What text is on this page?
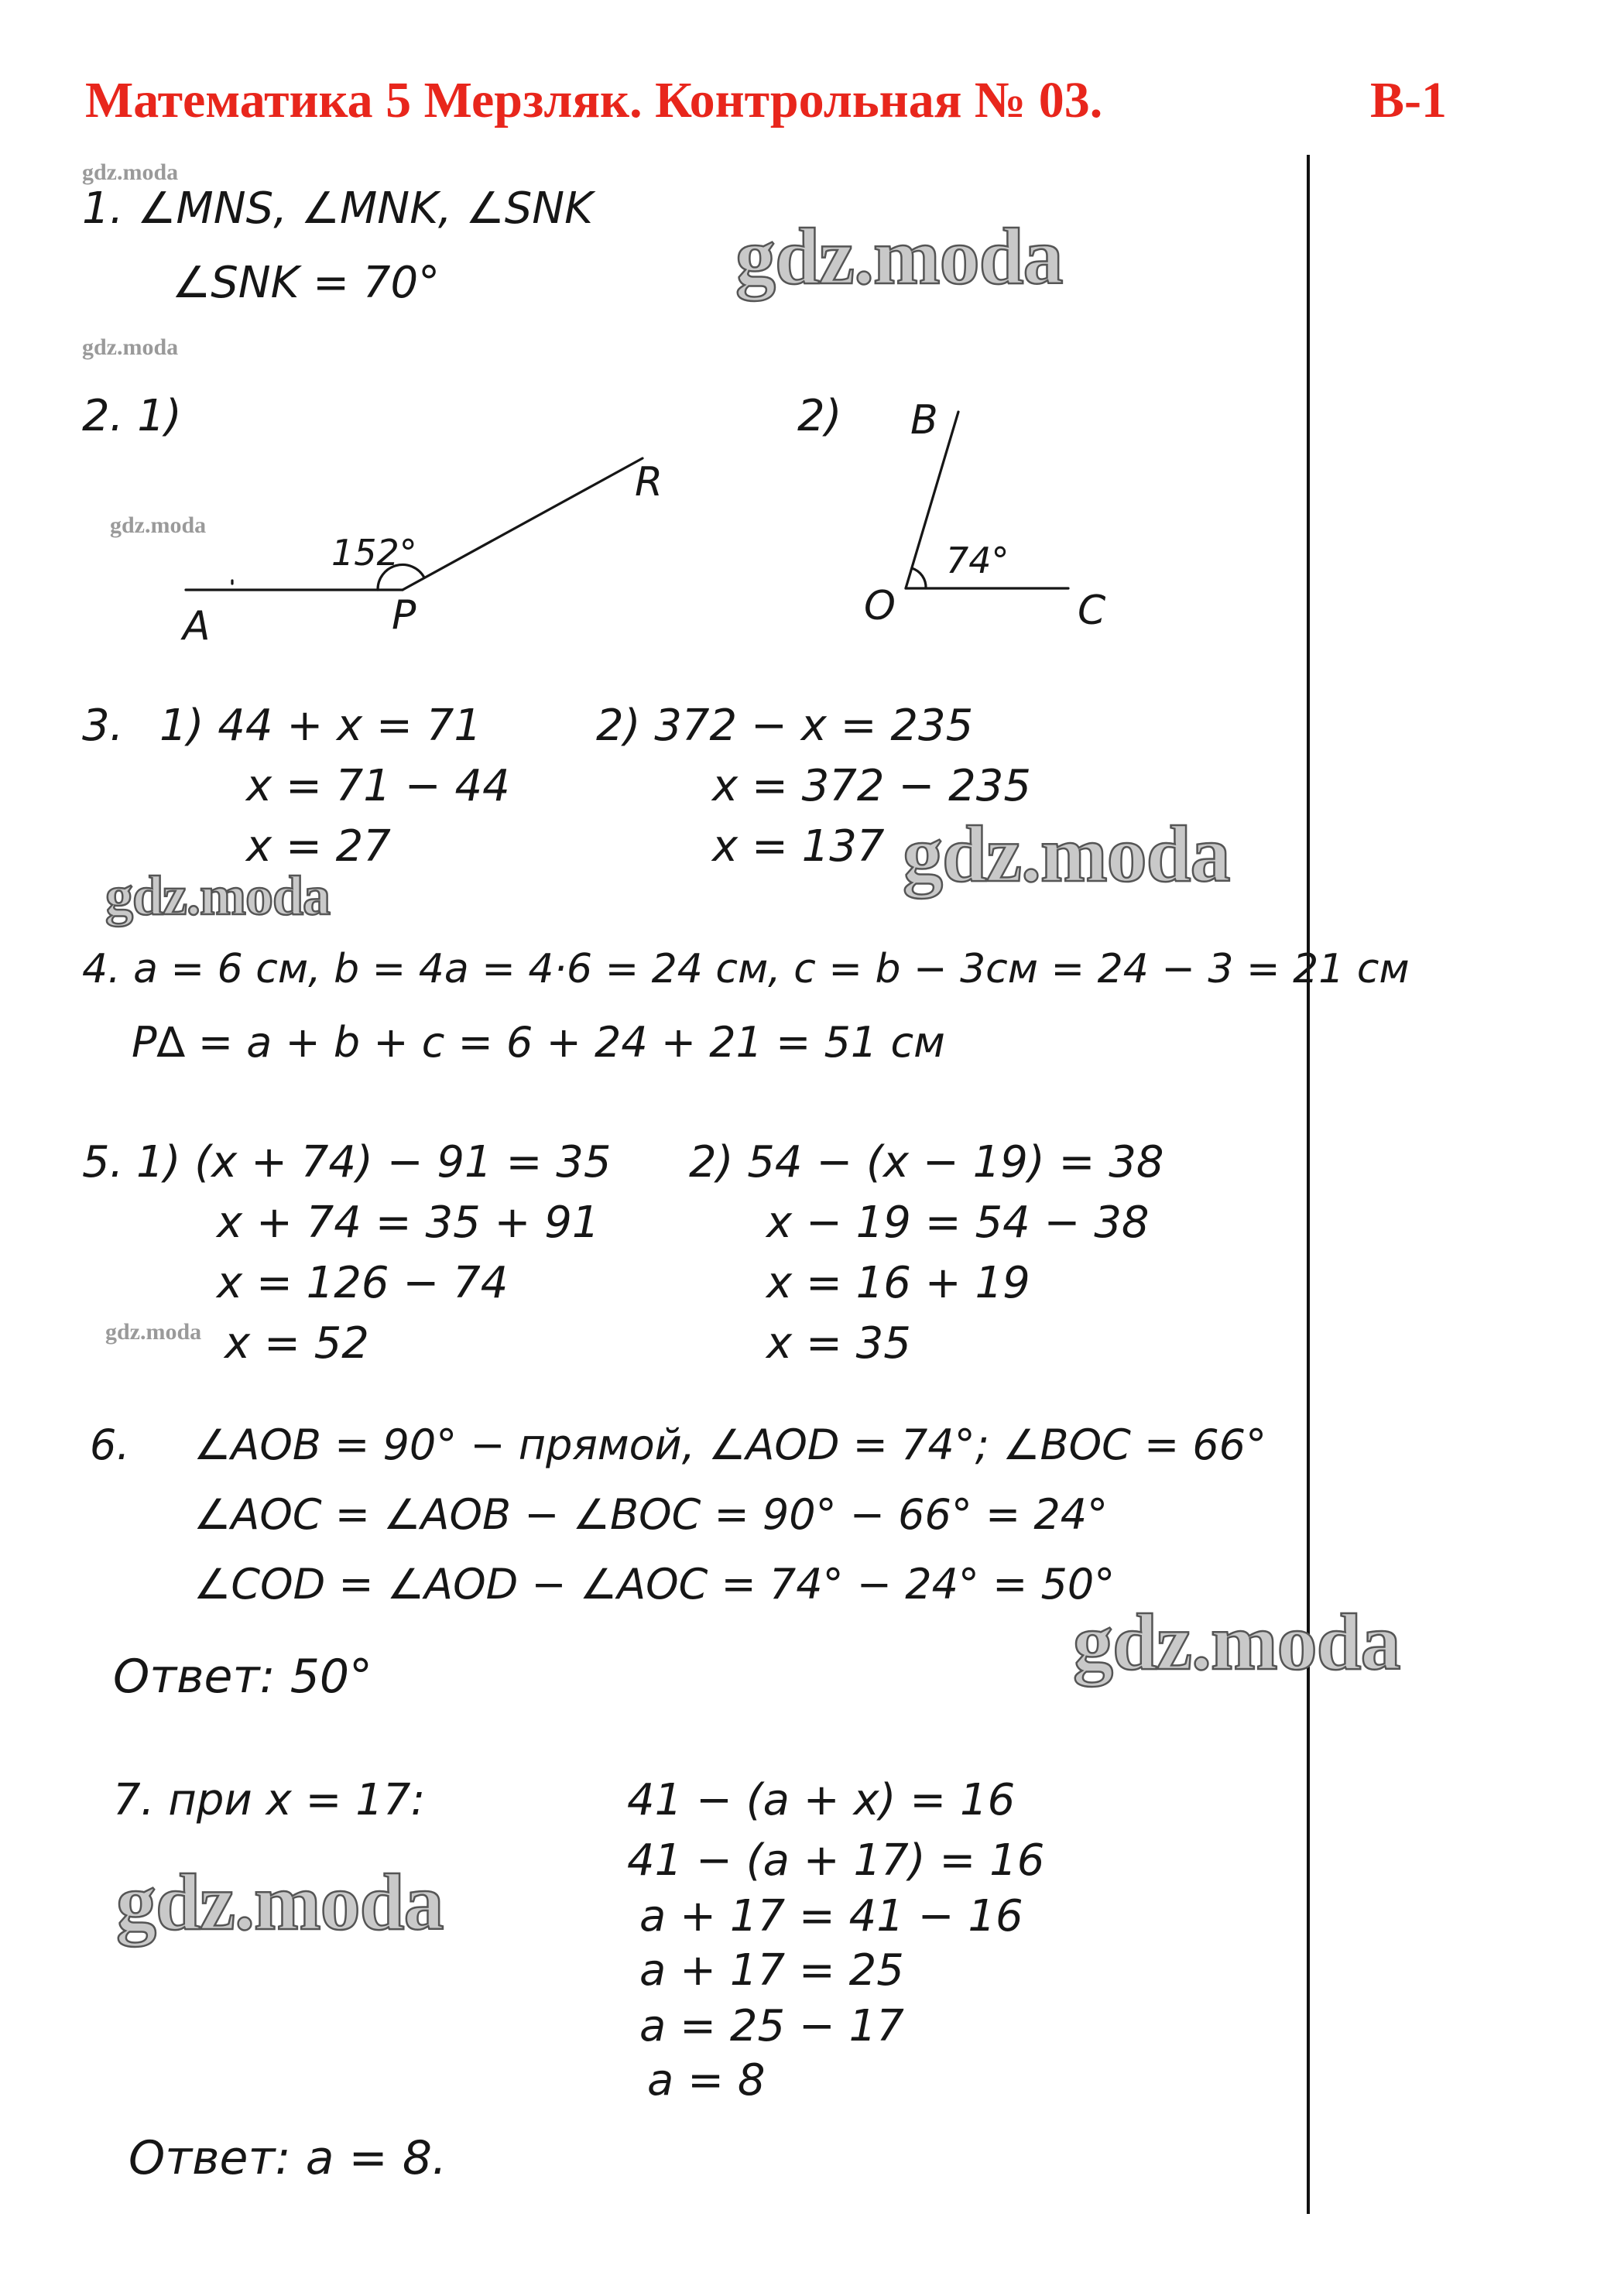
Математика 5 Мерзляк. Контрольная № 03.	В-1
gdz.moda
1. ∠MNS, ∠MNK, ∠SNK
∠SNK = 70°	gdz.moda
gdz.moda
2. 1)	2)
gdz.moda
152°
A	P
R
74°
B
O	C
3. 1) 44 + x = 71
x = 71 − 44
x = 27
2) 372 − x = 235
x = 372 − 235
x = 137 gdz.moda
gdz.moda
4. a = 6 см, b = 4a = 4·6 = 24 см, c = b − 3см = 24 − 3 = 21 см
P∆ = a + b + c = 6 + 24 + 21 = 51 см
5. 1) (x + 74) − 91 = 35
x + 74 = 35 + 91
x = 126 − 74
gdz.moda x = 52
2) 54 − (x − 19) = 38
x − 19 = 54 − 38
x = 16 + 19
x = 35
6. ∠AOB = 90° − прямой, ∠AOD = 74°; ∠BOC = 66°
∠AOC = ∠AOB − ∠BOC = 90° − 66° = 24°
∠COD = ∠AOD − ∠AOC = 74° − 24° = 50°
Ответ: 50°	gdz.moda
7. при x = 17:	41 − (a + x) = 16
41 − (a + 17) = 16
a + 17 = 41 − 16
a + 17 = 25
a = 25 − 17
a = 8
Ответ: a = 8.
gdz.moda
